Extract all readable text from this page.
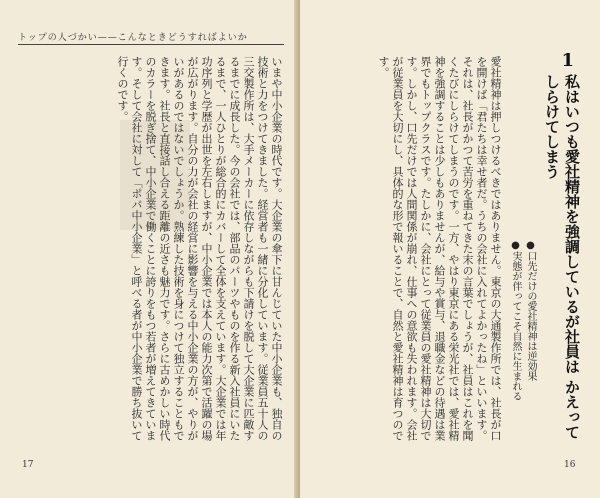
トップの人づかい——こんなときどうすればよいか
いまや中小企業の時代です。大企業の傘下に甘んじていた中小企業も、独自の技術と力をつけてきました。経営者も一緒に分化しています。従業員五十人の三交製作所は、大手メーカーに依存しながらも下請けを脱して大企業に匹敵するまでに成長した。今の会社では、部品のパーツやものを作る新入社員にいたるまで、一人ひとりが総合的にカバーして全体を支えています。大企業では年功序列と学歴が出世を左右しますが、中小企業では本人の能力次第で活躍の場が広がります。自分の力が会社の経営に影響を与える中小企業の方が、やりがいがあるのではないでしょうか。熟練した技術を身につけて独立することもできます。社長と直接話し合える距離の近さも魅力です。さらに古めかしい時代のカラーを脱ぎ捨て、中小企業で働くことに誇りをもつ若者が増えてきています。そして会社に対して「ポパ中小企業」と呼べる者が中小企業で勝ち抜いて行くのです。
17
1
私はいつも愛社精神を強調しているが社員は かえってしらけてしまう
●口先だけの愛社精神は逆効果
●実態が伴ってこそ自然に生まれる
愛社精神は押しつけるべきではありません。東京の大通製作所では、社長が口を開けば「君たちは幸せ者だ。うちの会社に入れてよかったね」といいます。それは、社長がかつて苦労を重ねてきた末の言葉でしょうが、社員はこれを聞くたびにしらけてしまうのです。一方、やはり東京にある栄光社では、愛社精神を強調することは少しもありませんが、給与や賞与、退職金などの待遇は業界でもトップクラスです。たしかに、会社にとって従業員の愛社精神は大切です。しかし、口先だけでは人間関係が崩れ、仕事への意欲も失われます。会社が従業員を大切にし、具体的な形で報いることで、自然と愛社精神は育つのです。
16
